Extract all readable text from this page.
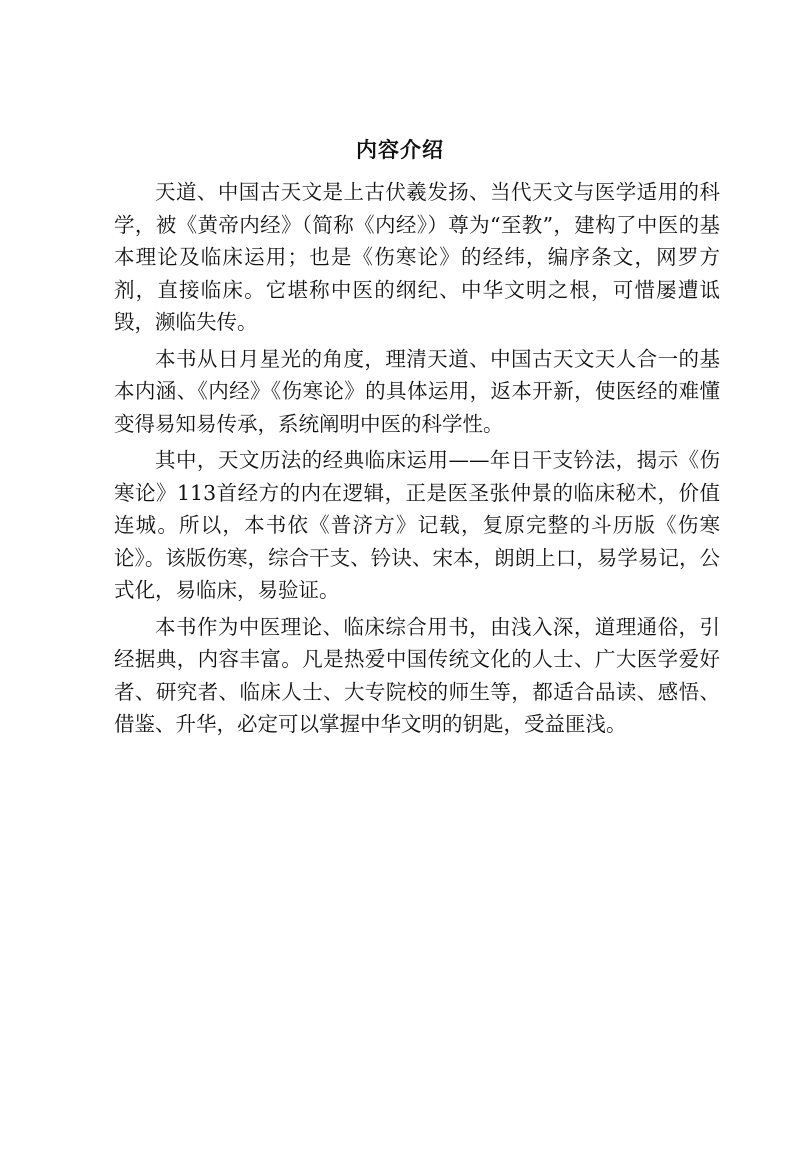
内容介绍

天道、中国古天文是上古伏羲发扬、当代天文与医学适用的科学，被《黄帝内经》（简称《内经》）尊为“至教”，建构了中医的基本理论及临床运用；也是《伤寒论》的经纬，编序条文，网罗方剂，直接临床。它堪称中医的纲纪、中华文明之根，可惜屡遭诋毁，濒临失传。

本书从日月星光的角度，理清天道、中国古天文天人合一的基本内涵、《内经》《伤寒论》的具体运用，返本开新，使医经的难懂变得易知易传承，系统阐明中医的科学性。

其中，天文历法的经典临床运用——年日干支钤法，揭示《伤寒论》113首经方的内在逻辑，正是医圣张仲景的临床秘术，价值连城。所以，本书依《普济方》记载，复原完整的斗历版《伤寒论》。该版伤寒，综合干支、钤诀、宋本，朗朗上口，易学易记，公式化，易临床，易验证。

本书作为中医理论、临床综合用书，由浅入深，道理通俗，引经据典，内容丰富。凡是热爱中国传统文化的人士、广大医学爱好者、研究者、临床人士、大专院校的师生等，都适合品读、感悟、借鉴、升华，必定可以掌握中华文明的钥匙，受益匪浅。
